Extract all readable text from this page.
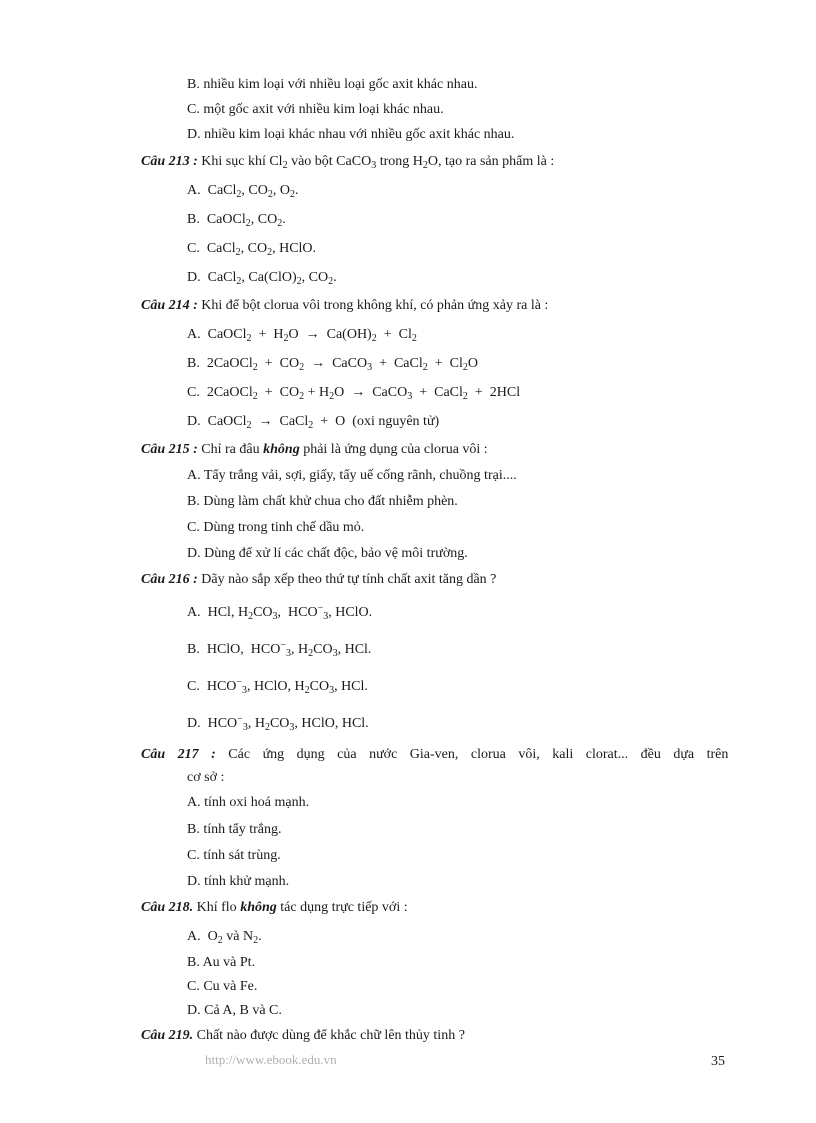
B. nhiều kim loại với nhiều loại gốc axit khác nhau.
C. một gốc axit với nhiều kim loại khác nhau.
D. nhiều kim loại khác nhau với nhiều gốc axit khác nhau.
Câu 213 : Khi sục khí $Cl_2$ vào bột CaCO$_3$ trong $H_2O$, tạo ra sản phẩm là :
A.  CaCl$_2$, $CO_2$, $O_2$.
B.  CaOCl$_2$, $CO_2$.
C.  CaCl$_2$, $CO_2$, HClO.
D.  CaCl$_2$, $Ca(ClO)_2$, $CO_2$.
Câu 214 : Khi để bột clorua vôi trong không khí, có phản ứng xảy ra là :
A.  CaOCl$_2$  +  $H_2O \to Ca(OH)_2 + Cl_2$
B.  2CaOCl$_2$  +  $CO_2$  →  CaCO$_3$  +  CaCl$_2$  +  $Cl_2O$
C.  2CaOCl$_2$  +  $CO_2 + H_2O$  →  CaCO$_3$  +  CaCl$_2$  +  2HCl
D.  CaOCl$_2$  →  CaCl$_2$  +  O  (oxi nguyên tử)
Câu 215 : Chỉ ra đâu không phải là ứng dụng của clorua vôi :
A. Tẩy trắng vải, sợi, giấy, tẩy uế cống rãnh, chuồng trại....
B. Dùng làm chất khử chua cho đất nhiễm phèn.
C. Dùng trong tinh chế dầu mỏ.
D. Dùng để xử lí các chất độc, bảo vệ môi trường.
Câu 216 : Dãy nào sắp xếp theo thứ tự tính chất axit tăng dần ?
A.  HCl, $H_2CO_3$,  $HCO^-_3$, HClO.
B.  HClO,  $HCO^-_3$, $H_2CO_3$, HCl.
C.  $HCO^-_3$, HClO, $H_2CO_3$, HCl.
D.  $HCO^-_3$, $H_2CO_3$, HClO, HCl.
Câu 217 : Các ứng dụng của nước Gia-ven, clorua vôi, kali clorat... đều dựa trên
cơ sở :
A. tính oxi hoá mạnh.
B. tính tẩy trắng.
C. tính sát trùng.
D. tính khử mạnh.
Câu 218. Khí flo không tác dụng trực tiếp với :
A.  $O_2$ và $N_2$.
B. Au và Pt.
C. Cu và Fe.
D. Cả A, B và C.
Câu 219. Chất nào được dùng để khắc chữ lên thủy tinh ?
http://www.ebook.edu.vn	35
